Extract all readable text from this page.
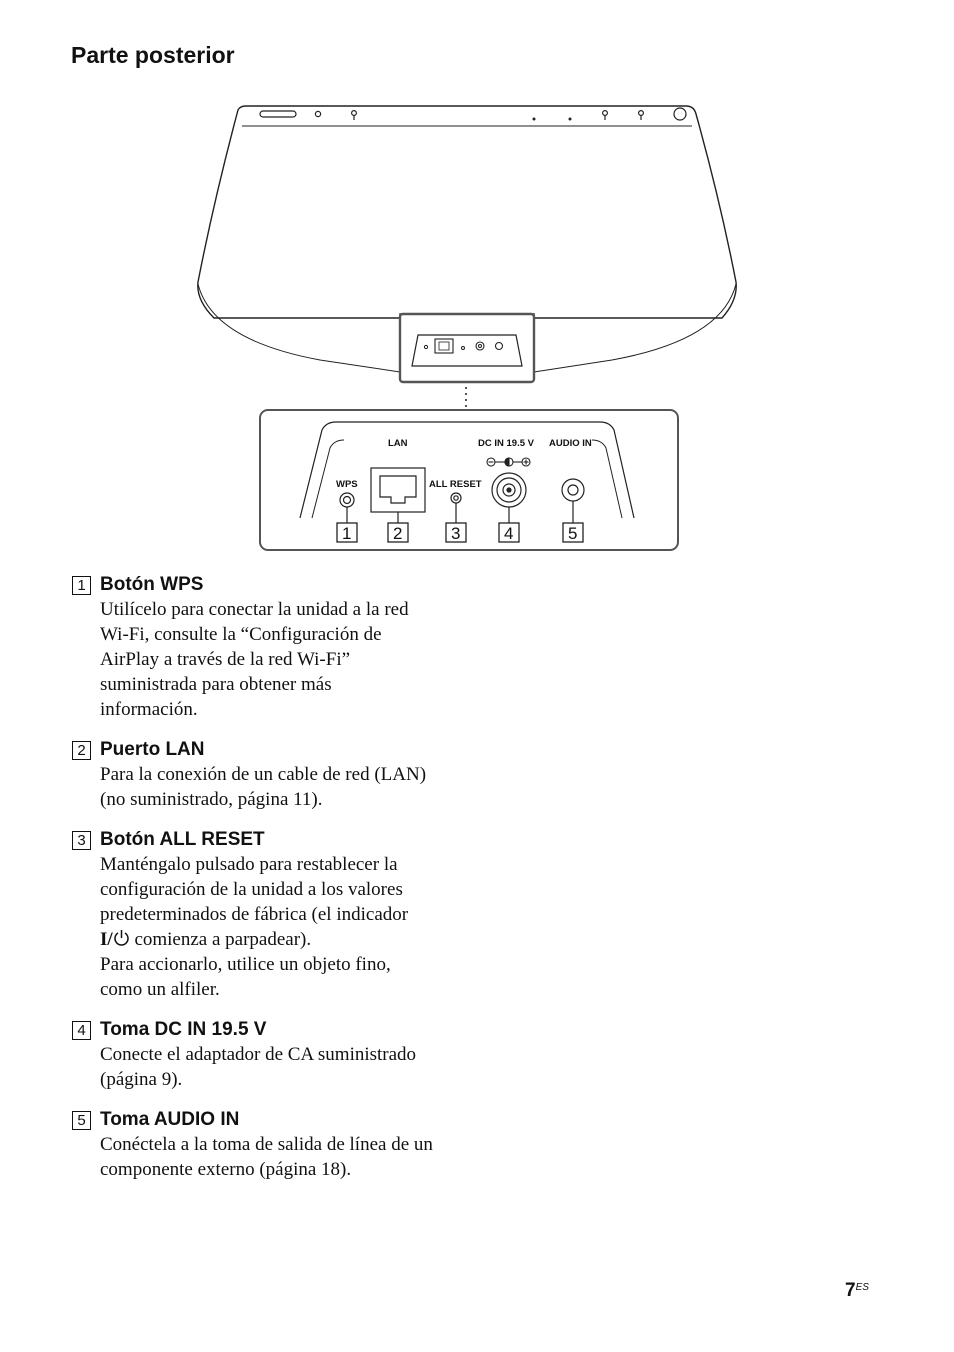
Parte posterior
LAN	DC IN 19.5 V AUDIO IN
WPS	ALL RESET
1 2	3	4	5
1 Botón WPS
Utilícelo para conectar la unidad a la red
Wi-Fi, consulte la “Configuración de
AirPlay a través de la red Wi-Fi”
suministrada para obtener más
información.
2 Puerto LAN
Para la conexión de un cable de red (LAN)
(no suministrado, página 11).
3 Botón ALL RESET
Manténgalo pulsado para restablecer la
configuración de la unidad a los valores
predeterminados de fábrica (el indicador
I/ comienza a parpadear).
Para accionarlo, utilice un objeto fino,
como un alfiler.
4 Toma DC IN 19.5 V
Conecte el adaptador de CA suministrado
(página 9).
5 Toma AUDIO IN
Conéctela a la toma de salida de línea de un
componente externo (página 18).
$7^{ES}$
